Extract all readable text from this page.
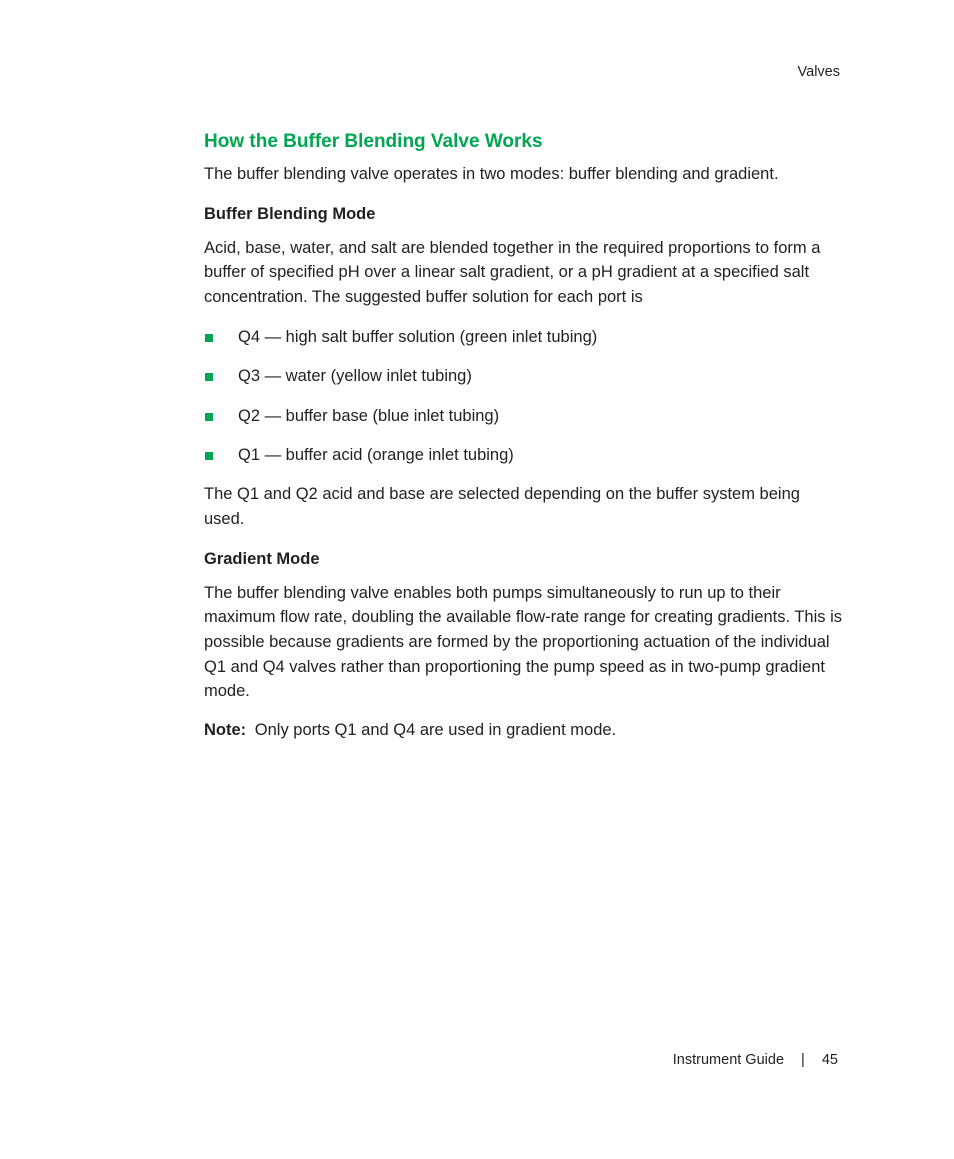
Valves
How the Buffer Blending Valve Works

The buffer blending valve operates in two modes: buffer blending and gradient.

Buffer Blending Mode

Acid, base, water, and salt are blended together in the required proportions to form a buffer of specified pH over a linear salt gradient, or a pH gradient at a specified salt concentration. The suggested buffer solution for each port is

Q4 — high salt buffer solution (green inlet tubing)
Q3 — water (yellow inlet tubing)
Q2 — buffer base (blue inlet tubing)
Q1 — buffer acid (orange inlet tubing)

The Q1 and Q2 acid and base are selected depending on the buffer system being used.

Gradient Mode

The buffer blending valve enables both pumps simultaneously to run up to their maximum flow rate, doubling the available flow-rate range for creating gradients. This is possible because gradients are formed by the proportioning actuation of the individual Q1 and Q4 valves rather than proportioning the pump speed as in two-pump gradient mode.

Note: Only ports Q1 and Q4 are used in gradient mode.

Instrument Guide | 45
